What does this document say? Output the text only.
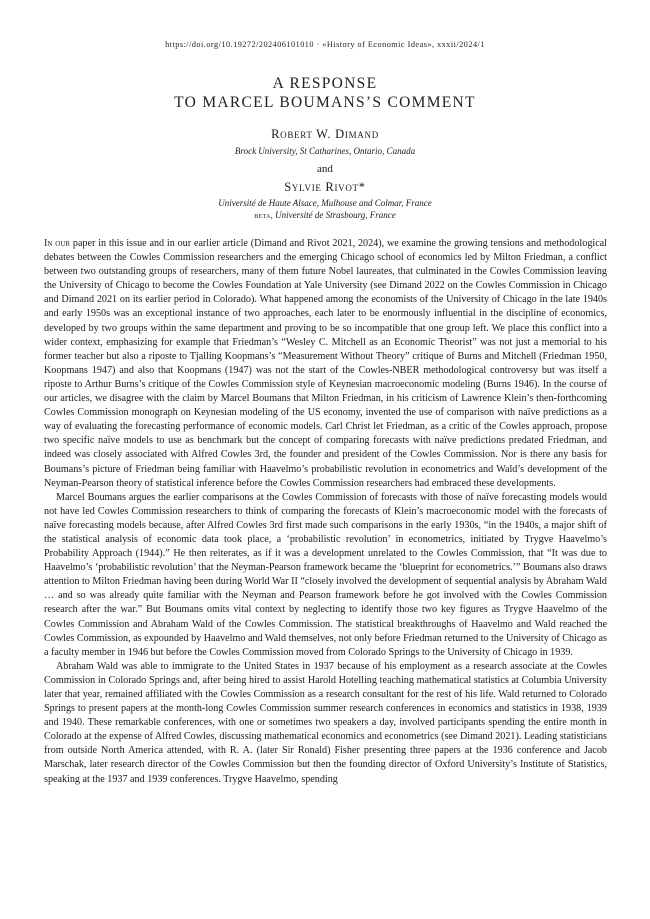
https://doi.org/10.19272/202406101010 · «History of Economic Ideas», xxxii/2024/1
A RESPONSE
TO MARCEL BOUMANS’S COMMENT
Robert W. Dimand
Brock University, St Catharines, Ontario, Canada
and
Sylvie Rivot*
Université de Haute Alsace, Mulhouse and Colmar, France
beta, Université de Strasbourg, France

In our paper in this issue and in our earlier article (Dimand and Rivot 2021, 2024), we examine the growing tensions and methodological debates between the Cowles Commission researchers and the emerging Chicago school of economics led by Milton Friedman, a conflict between two outstanding groups of researchers, many of them future Nobel laureates, that culminated in the Cowles Commission leaving the University of Chicago to become the Cowles Foundation at Yale University (see Dimand 2022 on the Cowles Commission in Chicago and Dimand 2021 on its earlier period in Colorado). What happened among the economists of the University of Chicago in the late 1940s and early 1950s was an exceptional instance of two approaches, each later to be enormously influential in the discipline of economics, developed by two groups within the same department and proving to be so incompatible that one group left. We place this conflict into a wider context, emphasizing for example that Friedman’s “Wesley C. Mitchell as an Economic Theorist” was not just a memorial to his former teacher but also a riposte to Tjalling Koopmans’s “Measurement Without Theory” critique of Burns and Mitchell (Friedman 1950, Koopmans 1947) and also that Koopmans (1947) was not the start of the Cowles-NBER methodological controversy but was itself a riposte to Arthur Burns’s critique of the Cowles Commission style of Keynesian macroeconomic modeling (Burns 1946). In the course of our articles, we disagree with the claim by Marcel Boumans that Milton Friedman, in his criticism of Lawrence Klein’s then-forthcoming Cowles Commission monograph on Keynesian modeling of the US economy, invented the use of comparison with naïve predictions as a way of evaluating the forecasting performance of economic models. Carl Christ let Friedman, as a critic of the Cowles approach, propose two specific naïve models to use as benchmark but the concept of comparing forecasts with naïve predictions predated Friedman, and indeed was closely associated with Alfred Cowles 3rd, the founder and president of the Cowles Commission. Nor is there any basis for Boumans’s picture of Friedman being familiar with Haavelmo’s probabilistic revolution in econometrics and Wald’s development of the Neyman-Pearson theory of statistical inference before the Cowles Commission researchers had embraced these developments.

Marcel Boumans argues the earlier comparisons at the Cowles Commission of forecasts with those of naïve forecasting models would not have led Cowles Commission researchers to think of comparing the forecasts of Klein’s macroeconomic model with the forecasts of naïve forecasting models because, after Alfred Cowles 3rd first made such comparisons in the early 1930s, “in the 1940s, a major shift of the statistical analysis of economic data took place, a ‘probabilistic revolution’ in econometrics, initiated by Trygve Haavelmo’s Probability Approach (1944).” He then reiterates, as if it was a development unrelated to the Cowles Commission, that “It was due to Haavelmo’s ‘probabilistic revolution’ that the Neyman-Pearson framework became the ‘blueprint for econometrics.’” Boumans also draws attention to Milton Friedman having been during World War II “closely involved the development of sequential analysis by Abraham Wald … and so was already quite familiar with the Neyman and Pearson framework before he got involved with the Cowles Commission research after the war.” But Boumans omits vital context by neglecting to identify those two key figures as Trygve Haavelmo of the Cowles Commission and Abraham Wald of the Cowles Commission. The statistical breakthroughs of Haavelmo and Wald reached the Cowles Commission, as expounded by Haavelmo and Wald themselves, not only before Friedman returned to the University of Chicago as a faculty member in 1946 but before the Cowles Commission moved from Colorado Springs to the University of Chicago in 1939.

Abraham Wald was able to immigrate to the United States in 1937 because of his employment as a research associate at the Cowles Commission in Colorado Springs and, after being hired to assist Harold Hotelling teaching mathematical statistics at Columbia University later that year, remained affiliated with the Cowles Commission as a research consultant for the rest of his life. Wald returned to Colorado Springs to present papers at the month-long Cowles Commission summer research conferences in economics and statistics in 1938, 1939 and 1940. These remarkable conferences, with one or sometimes two speakers a day, involved participants spending the entire month in Colorado at the expense of Alfred Cowles, discussing mathematical economics and econometrics (see Dimand 2021). Leading statisticians from outside North America attended, with R. A. (later Sir Ronald) Fisher presenting three papers at the 1936 conference and Jacob Marschak, later research director of the Cowles Commission but then the founding director of Oxford University’s Institute of Statistics, speaking at the 1937 and 1939 conferences. Trygve Haavelmo, spending
